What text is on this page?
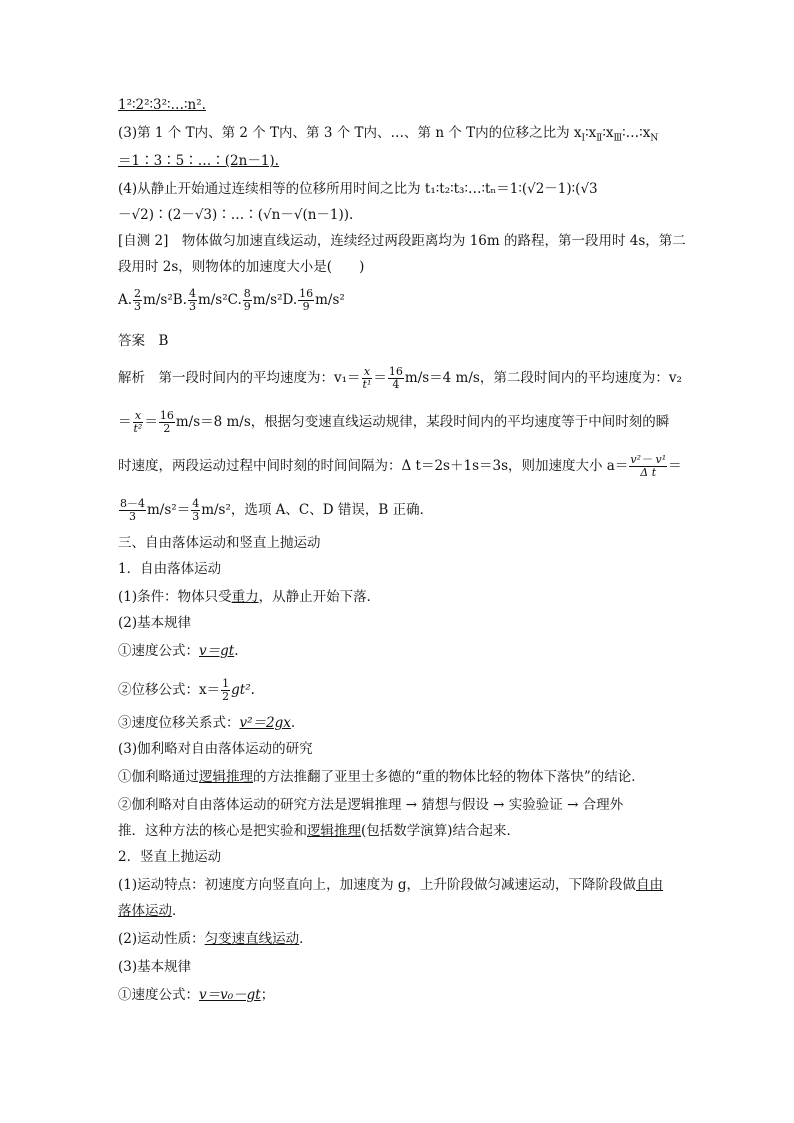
1²∶2²∶3²∶…∶n².
(3)第 1 个 T内、第 2 个 T内、第 3 个 T内、…、第 n 个 T内的位移之比为 $x_Ⅰ∶x_Ⅱ∶x_Ⅲ∶\dots∶x_N$
＝1∶3∶5∶…∶(2n－1).
(4)从静止开始通过连续相等的位移所用时间之比为 t₁∶t₂∶t₃∶…∶tₙ＝1∶(√2－1)∶(√3
－√2)∶(2－√3)∶…∶(√n－√(n－1)).
[自测 2]　物体做匀加速直线运动，连续经过两段距离均为 16m 的路程，第一段用时 4s，第二
段用时 2s，则物体的加速度大小是(　　)
A. $\frac{2}{3} m/s^2B$. $\frac{4}{3} m/s^2C$. $\frac{8}{9} m/s^2D$. $\frac{16}{9} m/s^2$
答案　B
解析　第一段时间内的平均速度为：$v_1= \frac{x}{\text{t¹}} = \frac{16}{4} m/s=4$ m/s，第二段时间内的平均速度为：v₂
＝ $\frac{x}{\text{t²}} = \frac{16}{2} m/s=8$ m/s，根据匀变速直线运动规律，某段时间内的平均速度等于中间时刻的瞬
时速度，两段运动过程中间时刻的时间间隔为：Δ t＝2s＋1s＝3s，则加速度大小 $a= \frac{\text{v²－ v¹}}{\text{Δ t}}$ ＝
$\frac{8-4}{3} m/s^2= \frac{4}{3} m/s^2$，选项 A、C、D 错误，B 正确．
三、自由落体运动和竖直上抛运动
1．自由落体运动
(1)条件：物体只受重力，从静止开始下落．
(2)基本规律
①速度公式：v＝gt.
②位移公式：$x= \frac{1}{2} gt^2$.
③速度位移关系式：v²＝2gx.
(3)伽利略对自由落体运动的研究
①伽利略通过逻辑推理的方法推翻了亚里士多德的“重的物体比轻的物体下落快”的结论．
②伽利略对自由落体运动的研究方法是逻辑推理 → 猜想与假设 → 实验验证 → 合理外
推．这种方法的核心是把实验和逻辑推理(包括数学演算)结合起来．
2．竖直上抛运动
(1)运动特点：初速度方向竖直向上，加速度为 g，上升阶段做匀减速运动，下降阶段做自由
落体运动．
(2)运动性质：匀变速直线运动．
(3)基本规律
①速度公式：v＝v₀－gt；
